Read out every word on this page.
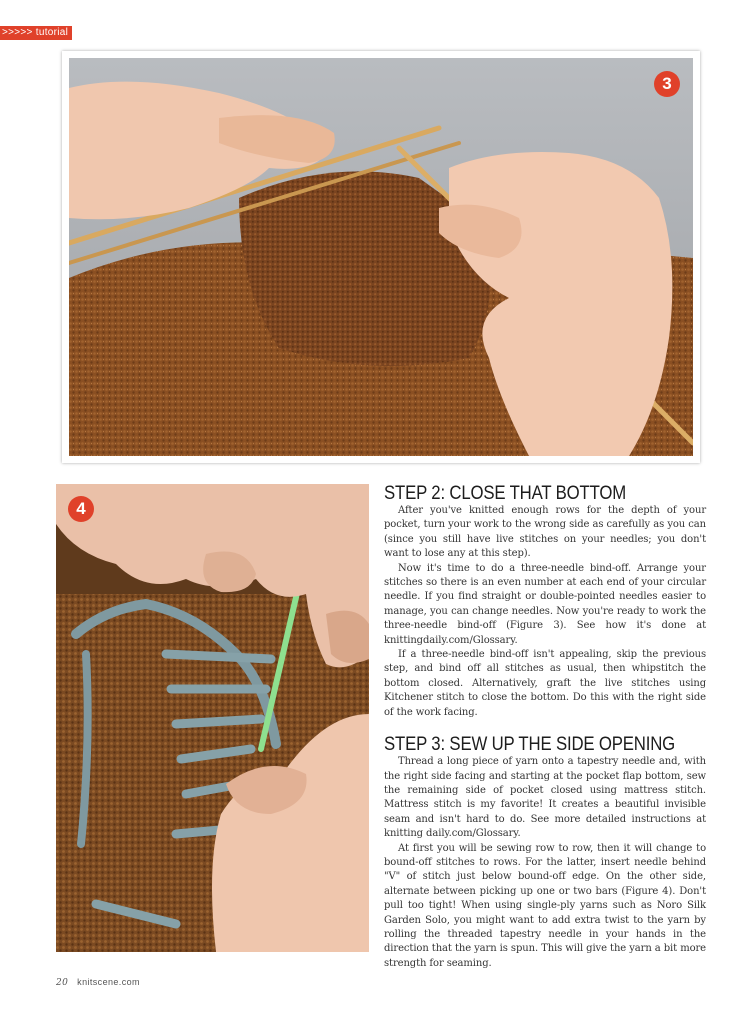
>>>>> tutorial
3
4
STEP 2: CLOSE THAT BOTTOM

After you've knitted enough rows for the depth of your pocket, turn your work to the wrong side as carefully as you can (since you still have live stitches on your needles; you don't want to lose any at this step).

Now it's time to do a three-needle bind-off. Arrange your stitches so there is an even number at each end of your circular needle. If you find straight or double-pointed needles easier to manage, you can change needles. Now you're ready to work the three-needle bind-off (Figure 3). See how it's done at knittingdaily.com/Glossary.

If a three-needle bind-off isn't appealing, skip the previous step, and bind off all stitches as usual, then whipstitch the bottom closed. Alternatively, graft the live stitches using Kitchener stitch to close the bottom. Do this with the right side of the work facing.

STEP 3: SEW UP THE SIDE OPENING

Thread a long piece of yarn onto a tapestry needle and, with the right side facing and starting at the pocket flap bottom, sew the remaining side of pocket closed using mattress stitch. Mattress stitch is my favorite! It creates a beautiful invisible seam and isn't hard to do. See more detailed instructions at knitting daily.com/Glossary.

At first you will be sewing row to row, then it will change to bound-off stitches to rows. For the latter, insert needle behind "V" of stitch just below bound-off edge. On the other side, alternate between picking up one or two bars (Figure 4). Don't pull too tight! When using single-ply yarns such as Noro Silk Garden Solo, you might want to add extra twist to the yarn by rolling the threaded tapestry needle in your hands in the direction that the yarn is spun. This will give the yarn a bit more strength for seaming.

20 knitscene.com
